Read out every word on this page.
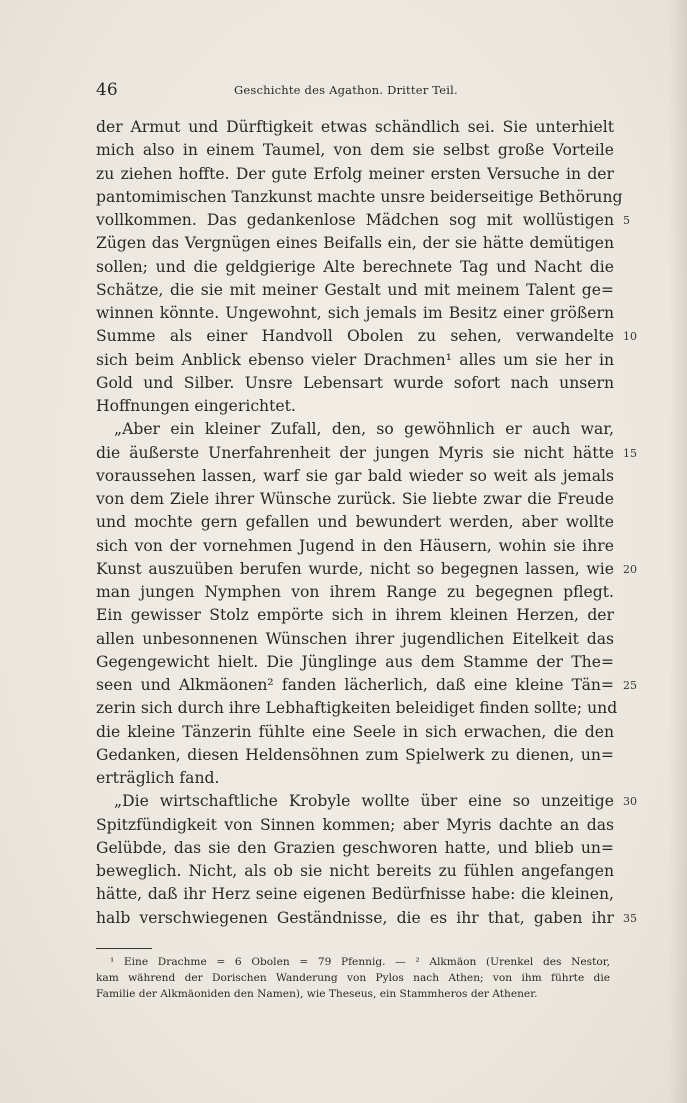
46	Geschichte des Agathon. Dritter Teil.
der Armut und Dürftigkeit etwas schändlich sei. Sie unterhielt
mich also in einem Taumel, von dem sie selbst große Vorteile
zu ziehen hoffte. Der gute Erfolg meiner ersten Versuche in der
pantomimischen Tanzkunst machte unsre beiderseitige Bethörung
vollkommen. Das gedankenlose Mädchen sog mit wollüstigen 5
Zügen das Vergnügen eines Beifalls ein, der sie hätte demütigen
sollen; und die geldgierige Alte berechnete Tag und Nacht die
Schätze, die sie mit meiner Gestalt und mit meinem Talent ge=
winnen könnte. Ungewohnt, sich jemals im Besitz einer größern
Summe als einer Handvoll Obolen zu sehen, verwandelte 10
sich beim Anblick ebenso vieler Drachmen¹ alles um sie her in
Gold und Silber. Unsre Lebensart wurde sofort nach unsern
Hoffnungen eingerichtet.
„Aber ein kleiner Zufall, den, so gewöhnlich er auch war,
die äußerste Unerfahrenheit der jungen Myris sie nicht hätte 15
voraussehen lassen, warf sie gar bald wieder so weit als jemals
von dem Ziele ihrer Wünsche zurück. Sie liebte zwar die Freude
und mochte gern gefallen und bewundert werden, aber wollte
sich von der vornehmen Jugend in den Häusern, wohin sie ihre
Kunst auszuüben berufen wurde, nicht so begegnen lassen, wie 20
man jungen Nymphen von ihrem Range zu begegnen pflegt.
Ein gewisser Stolz empörte sich in ihrem kleinen Herzen, der
allen unbesonnenen Wünschen ihrer jugendlichen Eitelkeit das
Gegengewicht hielt. Die Jünglinge aus dem Stamme der The=
seen und Alkmäonen² fanden lächerlich, daß eine kleine Tän= 25
zerin sich durch ihre Lebhaftigkeiten beleidiget finden sollte; und
die kleine Tänzerin fühlte eine Seele in sich erwachen, die den
Gedanken, diesen Heldensöhnen zum Spielwerk zu dienen, un=
erträglich fand.
„Die wirtschaftliche Krobyle wollte über eine so unzeitige 30
Spitzfündigkeit von Sinnen kommen; aber Myris dachte an das
Gelübde, das sie den Grazien geschworen hatte, und blieb un=
beweglich. Nicht, als ob sie nicht bereits zu fühlen angefangen
hätte, daß ihr Herz seine eigenen Bedürfnisse habe: die kleinen,
halb verschwiegenen Geständnisse, die es ihr that, gaben ihr 35
¹ Eine Drachme = 6 Obolen = 79 Pfennig. — ² Alkmäon (Urenkel des Nestor,
kam während der Dorischen Wanderung von Pylos nach Athen; von ihm führte die
Familie der Alkmäoniden den Namen), wie Theseus, ein Stammheros der Athener.
